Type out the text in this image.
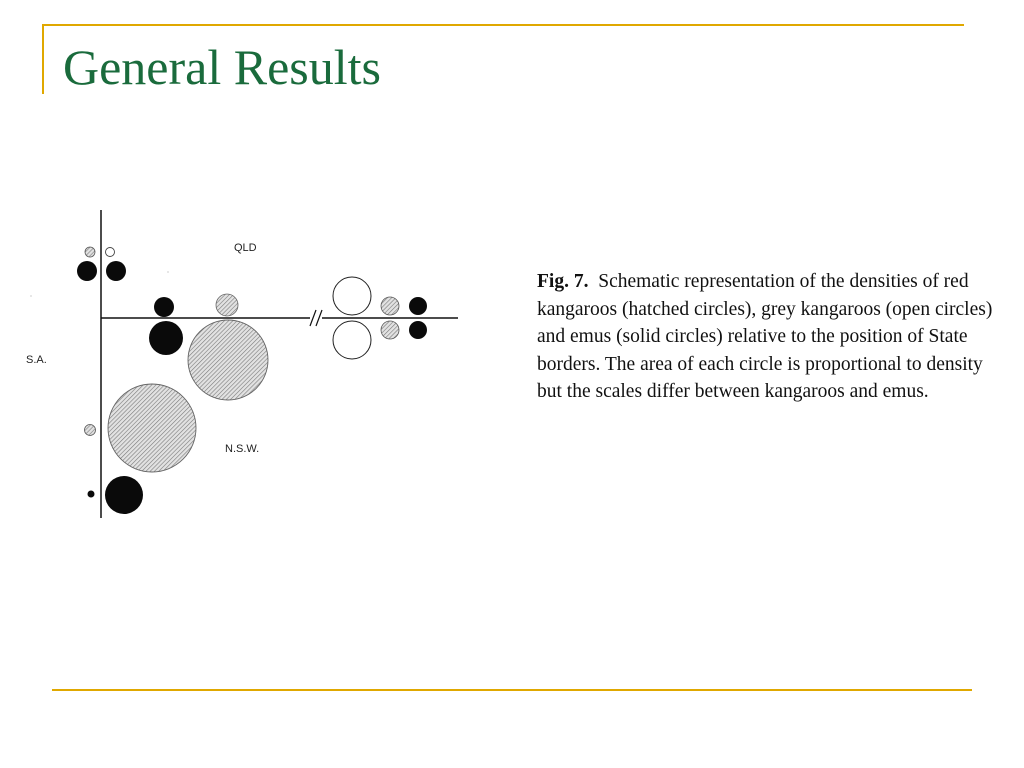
General Results
QLD
S.A.
N.S.W.
Fig. 7. Schematic representation of the densities of red kangaroos (hatched circles), grey kangaroos (open circles) and emus (solid circles) relative to the position of State borders. The area of each circle is proportional to density but the scales differ between kangaroos and emus.
